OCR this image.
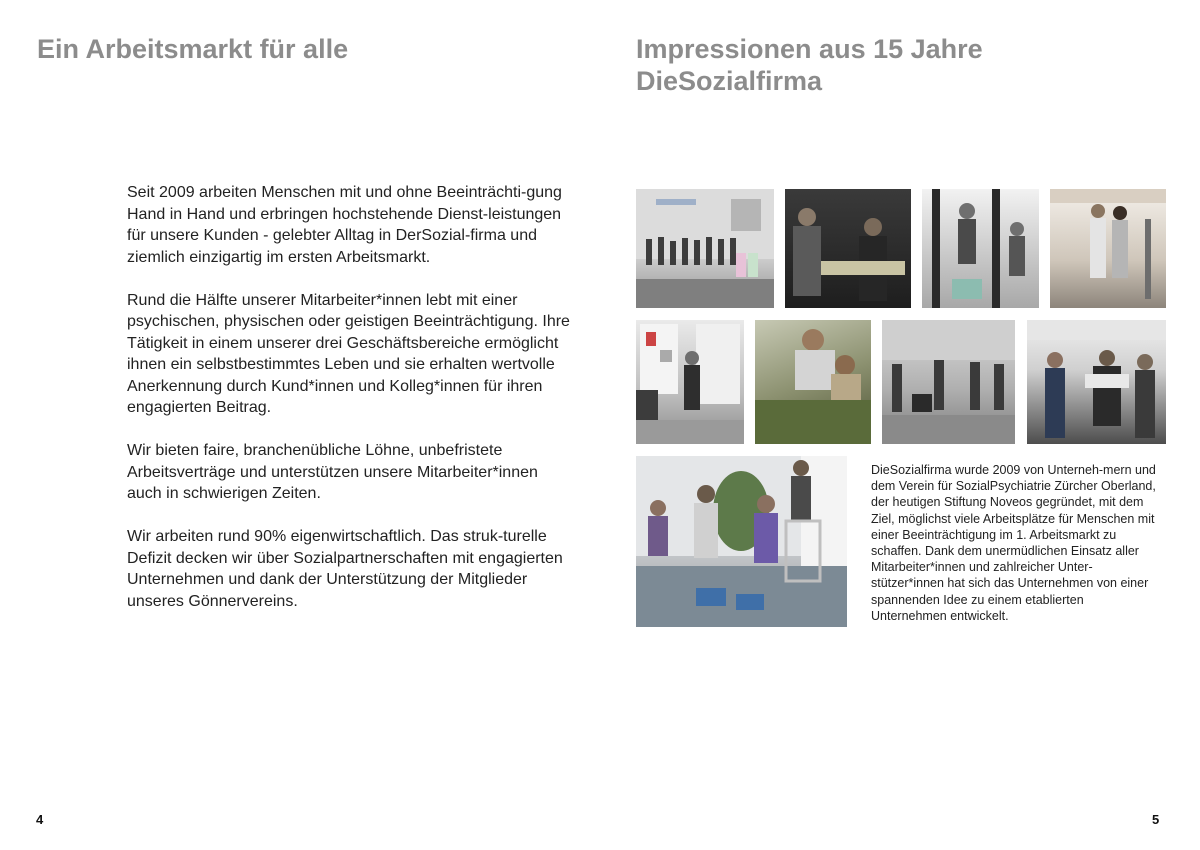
Ein Arbeitsmarkt für alle

Seit 2009 arbeiten Menschen mit und ohne Beeinträchti-gung Hand in Hand und erbringen hochstehende Dienst-leistungen für unsere Kunden - gelebter Alltag in DerSozial-firma und ziemlich einzigartig im ersten Arbeitsmarkt.

Rund die Hälfte unserer Mitarbeiter*innen lebt mit einer psychischen, physischen oder geistigen Beeinträchtigung. Ihre Tätigkeit in einem unserer drei Geschäftsbereiche ermöglicht ihnen ein selbstbestimmtes Leben und sie erhalten wertvolle Anerkennung durch Kund*innen und Kolleg*innen für ihren engagierten Beitrag.

Wir bieten faire, branchenübliche Löhne, unbefristete Arbeitsverträge und unterstützen unsere Mitarbeiter*innen auch in schwierigen Zeiten.

Wir arbeiten rund 90% eigenwirtschaftlich. Das struk-turelle Defizit decken wir über Sozialpartnerschaften mit engagierten Unternehmen und dank der Unterstützung der Mitglieder unseres Gönnervereins.

Impressionen aus 15 Jahre
DieSozialfirma
DieSozialfirma wurde 2009 von Unterneh-mern und dem Verein für SozialPsychiatrie Zürcher Oberland, der heutigen Stiftung Noveos gegründet, mit dem Ziel, möglichst viele Arbeitsplätze für Menschen mit einer Beeinträchtigung im 1. Arbeitsmarkt zu schaffen. Dank dem unermüdlichen Einsatz aller Mitarbeiter*innen und zahlreicher Unter-stützer*innen hat sich das Unternehmen von einer spannenden Idee zu einem etablierten Unternehmen entwickelt.
4	5
